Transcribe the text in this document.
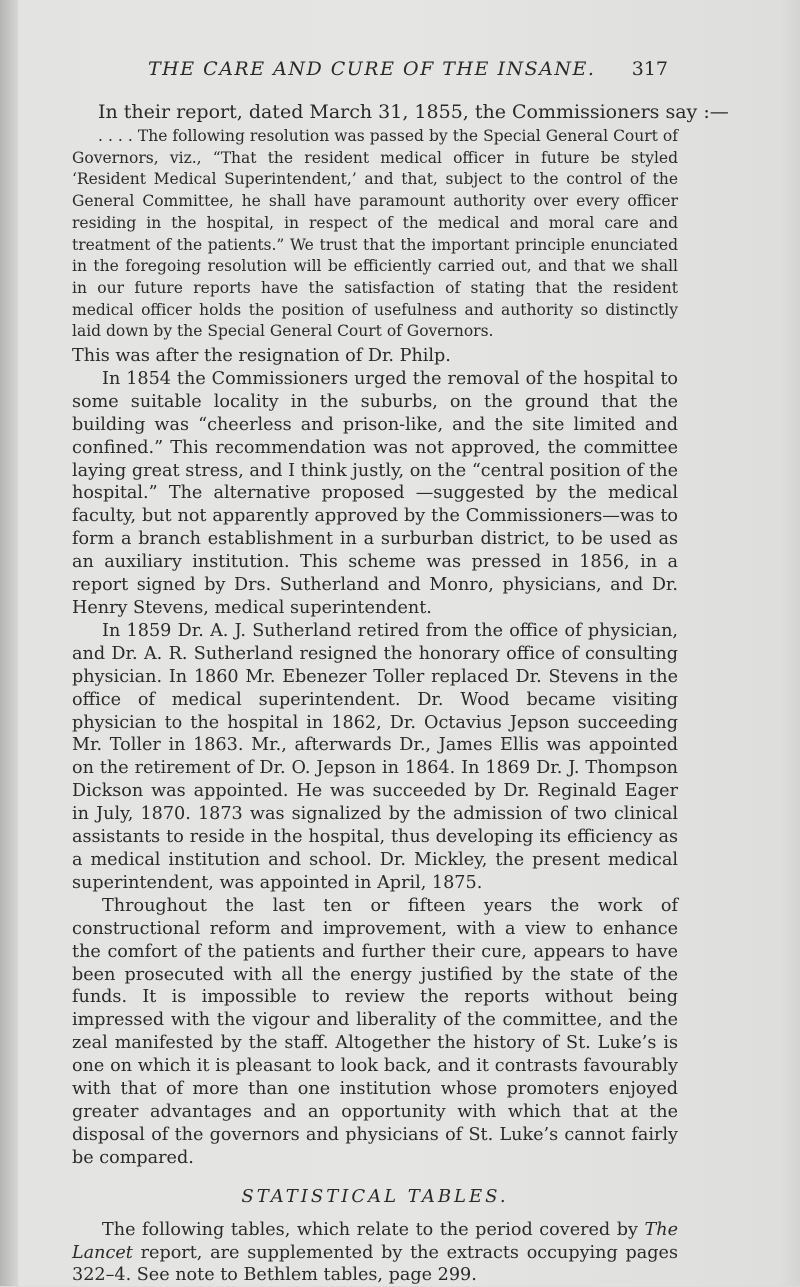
THE CARE AND CURE OF THE INSANE. 317

In their report, dated March 31, 1855, the Commissioners say :—

. . . . The following resolution was passed by the Special General Court of Governors, viz., “That the resident medical officer in future be styled ‘Resident Medical Superintendent,’ and that, subject to the control of the General Committee, he shall have paramount authority over every officer residing in the hospital, in respect of the medical and moral care and treatment of the patients.” We trust that the important principle enunciated in the foregoing resolution will be efficiently carried out, and that we shall in our future reports have the satisfaction of stating that the resident medical officer holds the position of usefulness and authority so distinctly laid down by the Special General Court of Governors.

This was after the resignation of Dr. Philp.

In 1854 the Commissioners urged the removal of the hospital to some suitable locality in the suburbs, on the ground that the building was “cheerless and prison-like, and the site limited and confined.” This recommendation was not approved, the committee laying great stress, and I think justly, on the “central position of the hospital.” The alternative proposed —suggested by the medical faculty, but not apparently approved by the Commissioners—was to form a branch establishment in a surburban district, to be used as an auxiliary institution. This scheme was pressed in 1856, in a report signed by Drs. Sutherland and Monro, physicians, and Dr. Henry Stevens, medical superintendent.

In 1859 Dr. A. J. Sutherland retired from the office of physician, and Dr. A. R. Sutherland resigned the honorary office of consulting physician. In 1860 Mr. Ebenezer Toller replaced Dr. Stevens in the office of medical superintendent. Dr. Wood became visiting physician to the hospital in 1862, Dr. Octavius Jepson succeeding Mr. Toller in 1863. Mr., afterwards Dr., James Ellis was appointed on the retirement of Dr. O. Jepson in 1864. In 1869 Dr. J. Thompson Dickson was appointed. He was succeeded by Dr. Reginald Eager in July, 1870. 1873 was signalized by the admission of two clinical assistants to reside in the hospital, thus developing its efficiency as a medical institution and school. Dr. Mickley, the present medical superintendent, was appointed in April, 1875.

Throughout the last ten or fifteen years the work of constructional reform and improvement, with a view to enhance the comfort of the patients and further their cure, appears to have been prosecuted with all the energy justified by the state of the funds. It is impossible to review the reports without being impressed with the vigour and liberality of the committee, and the zeal manifested by the staff. Altogether the history of St. Luke’s is one on which it is pleasant to look back, and it contrasts favourably with that of more than one institution whose promoters enjoyed greater advantages and an opportunity with which that at the disposal of the governors and physicians of St. Luke’s cannot fairly be compared.

STATISTICAL TABLES.

The following tables, which relate to the period covered by The Lancet report, are supplemented by the extracts occupying pages 322–4. See note to Bethlem tables, page 299.
